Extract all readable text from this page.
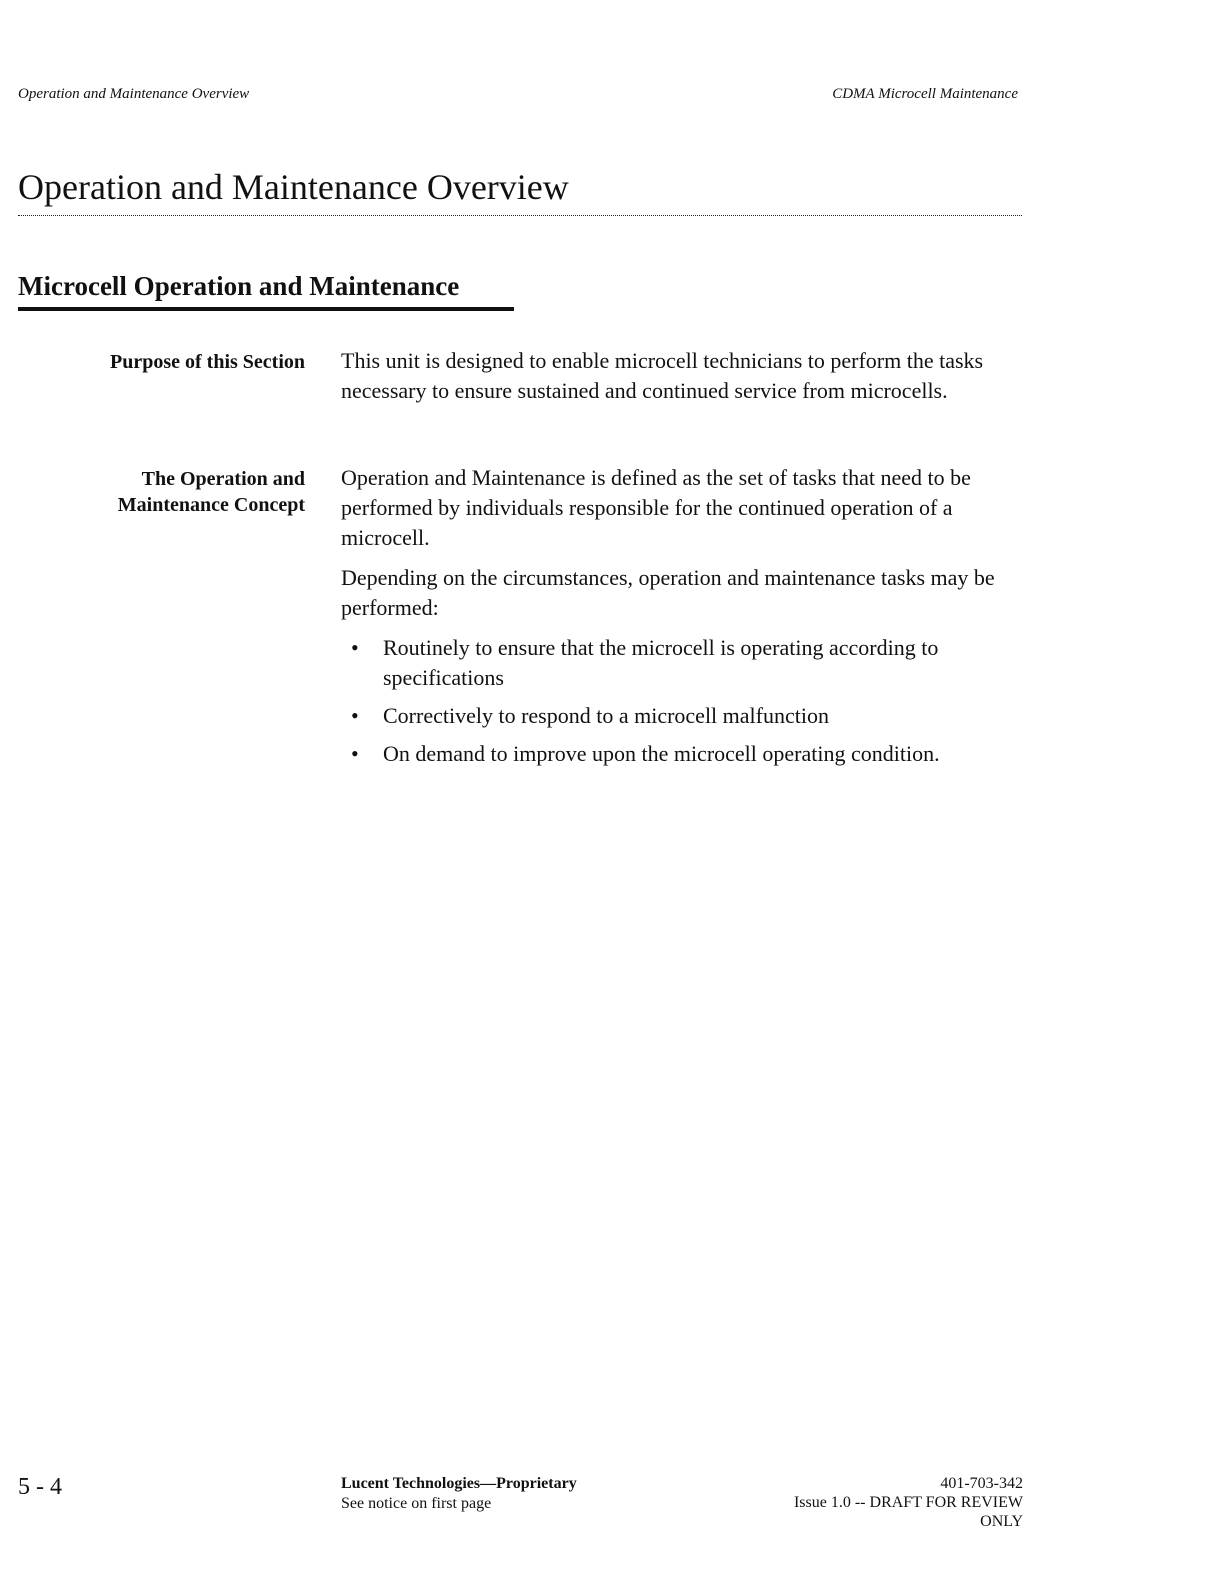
Operation and Maintenance Overview	CDMA Microcell Maintenance
Operation and Maintenance Overview
Microcell Operation and Maintenance
Purpose of this Section This unit is designed to enable microcell technicians to perform the tasks necessary to ensure sustained and continued service from microcells.

The Operation and
Maintenance Concept

Operation and Maintenance is defined as the set of tasks that need to be performed by individuals responsible for the continued operation of a microcell.

Depending on the circumstances, operation and maintenance tasks may be performed:

• Routinely to ensure that the microcell is operating according to specifications
• Correctively to respond to a microcell malfunction
• On demand to improve upon the microcell operating condition.
5 - 4	Lucent Technologies—Proprietary
See notice on first page
401-703-342
Issue 1.0 -- DRAFT FOR REVIEW
ONLY
